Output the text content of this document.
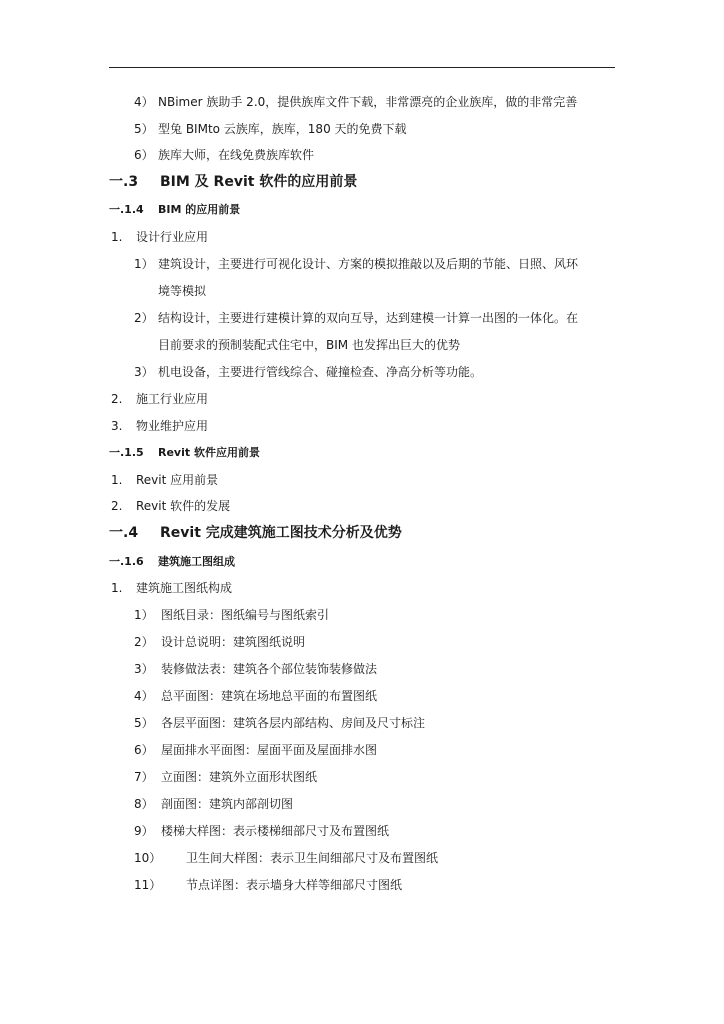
4） NBimer 族助手 2.0，提供族库文件下载，非常漂亮的企业族库，做的非常完善
5） 型兔 BIMto 云族库，族库，180 天的免费下载
6） 族库大师，在线免费族库软件
一.3 BIM 及 Revit 软件的应用前景
一.1.4 BIM 的应用前景
1. 设计行业应用
1） 建筑设计，主要进行可视化设计、方案的模拟推敲以及后期的节能、日照、风环
境等模拟
2） 结构设计，主要进行建模计算的双向互导，达到建模一计算一出图的一体化。在
目前要求的预制装配式住宅中，BIM 也发挥出巨大的优势
3） 机电设备，主要进行管线综合、碰撞检查、净高分析等功能。
2. 施工行业应用
3. 物业维护应用
一.1.5 Revit 软件应用前景
1. Revit 应用前景
2. Revit 软件的发展
一.4 Revit 完成建筑施工图技术分析及优势
一.1.6 建筑施工图组成
1. 建筑施工图纸构成
1） 图纸目录：图纸编号与图纸索引
2） 设计总说明：建筑图纸说明
3） 装修做法表：建筑各个部位装饰装修做法
4） 总平面图：建筑在场地总平面的布置图纸
5） 各层平面图：建筑各层内部结构、房间及尺寸标注
6） 屋面排水平面图：屋面平面及屋面排水图
7） 立面图：建筑外立面形状图纸
8） 剖面图：建筑内部剖切图
9） 楼梯大样图：表示楼梯细部尺寸及布置图纸
10） 卫生间大样图：表示卫生间细部尺寸及布置图纸
11） 节点详图：表示墙身大样等细部尺寸图纸
